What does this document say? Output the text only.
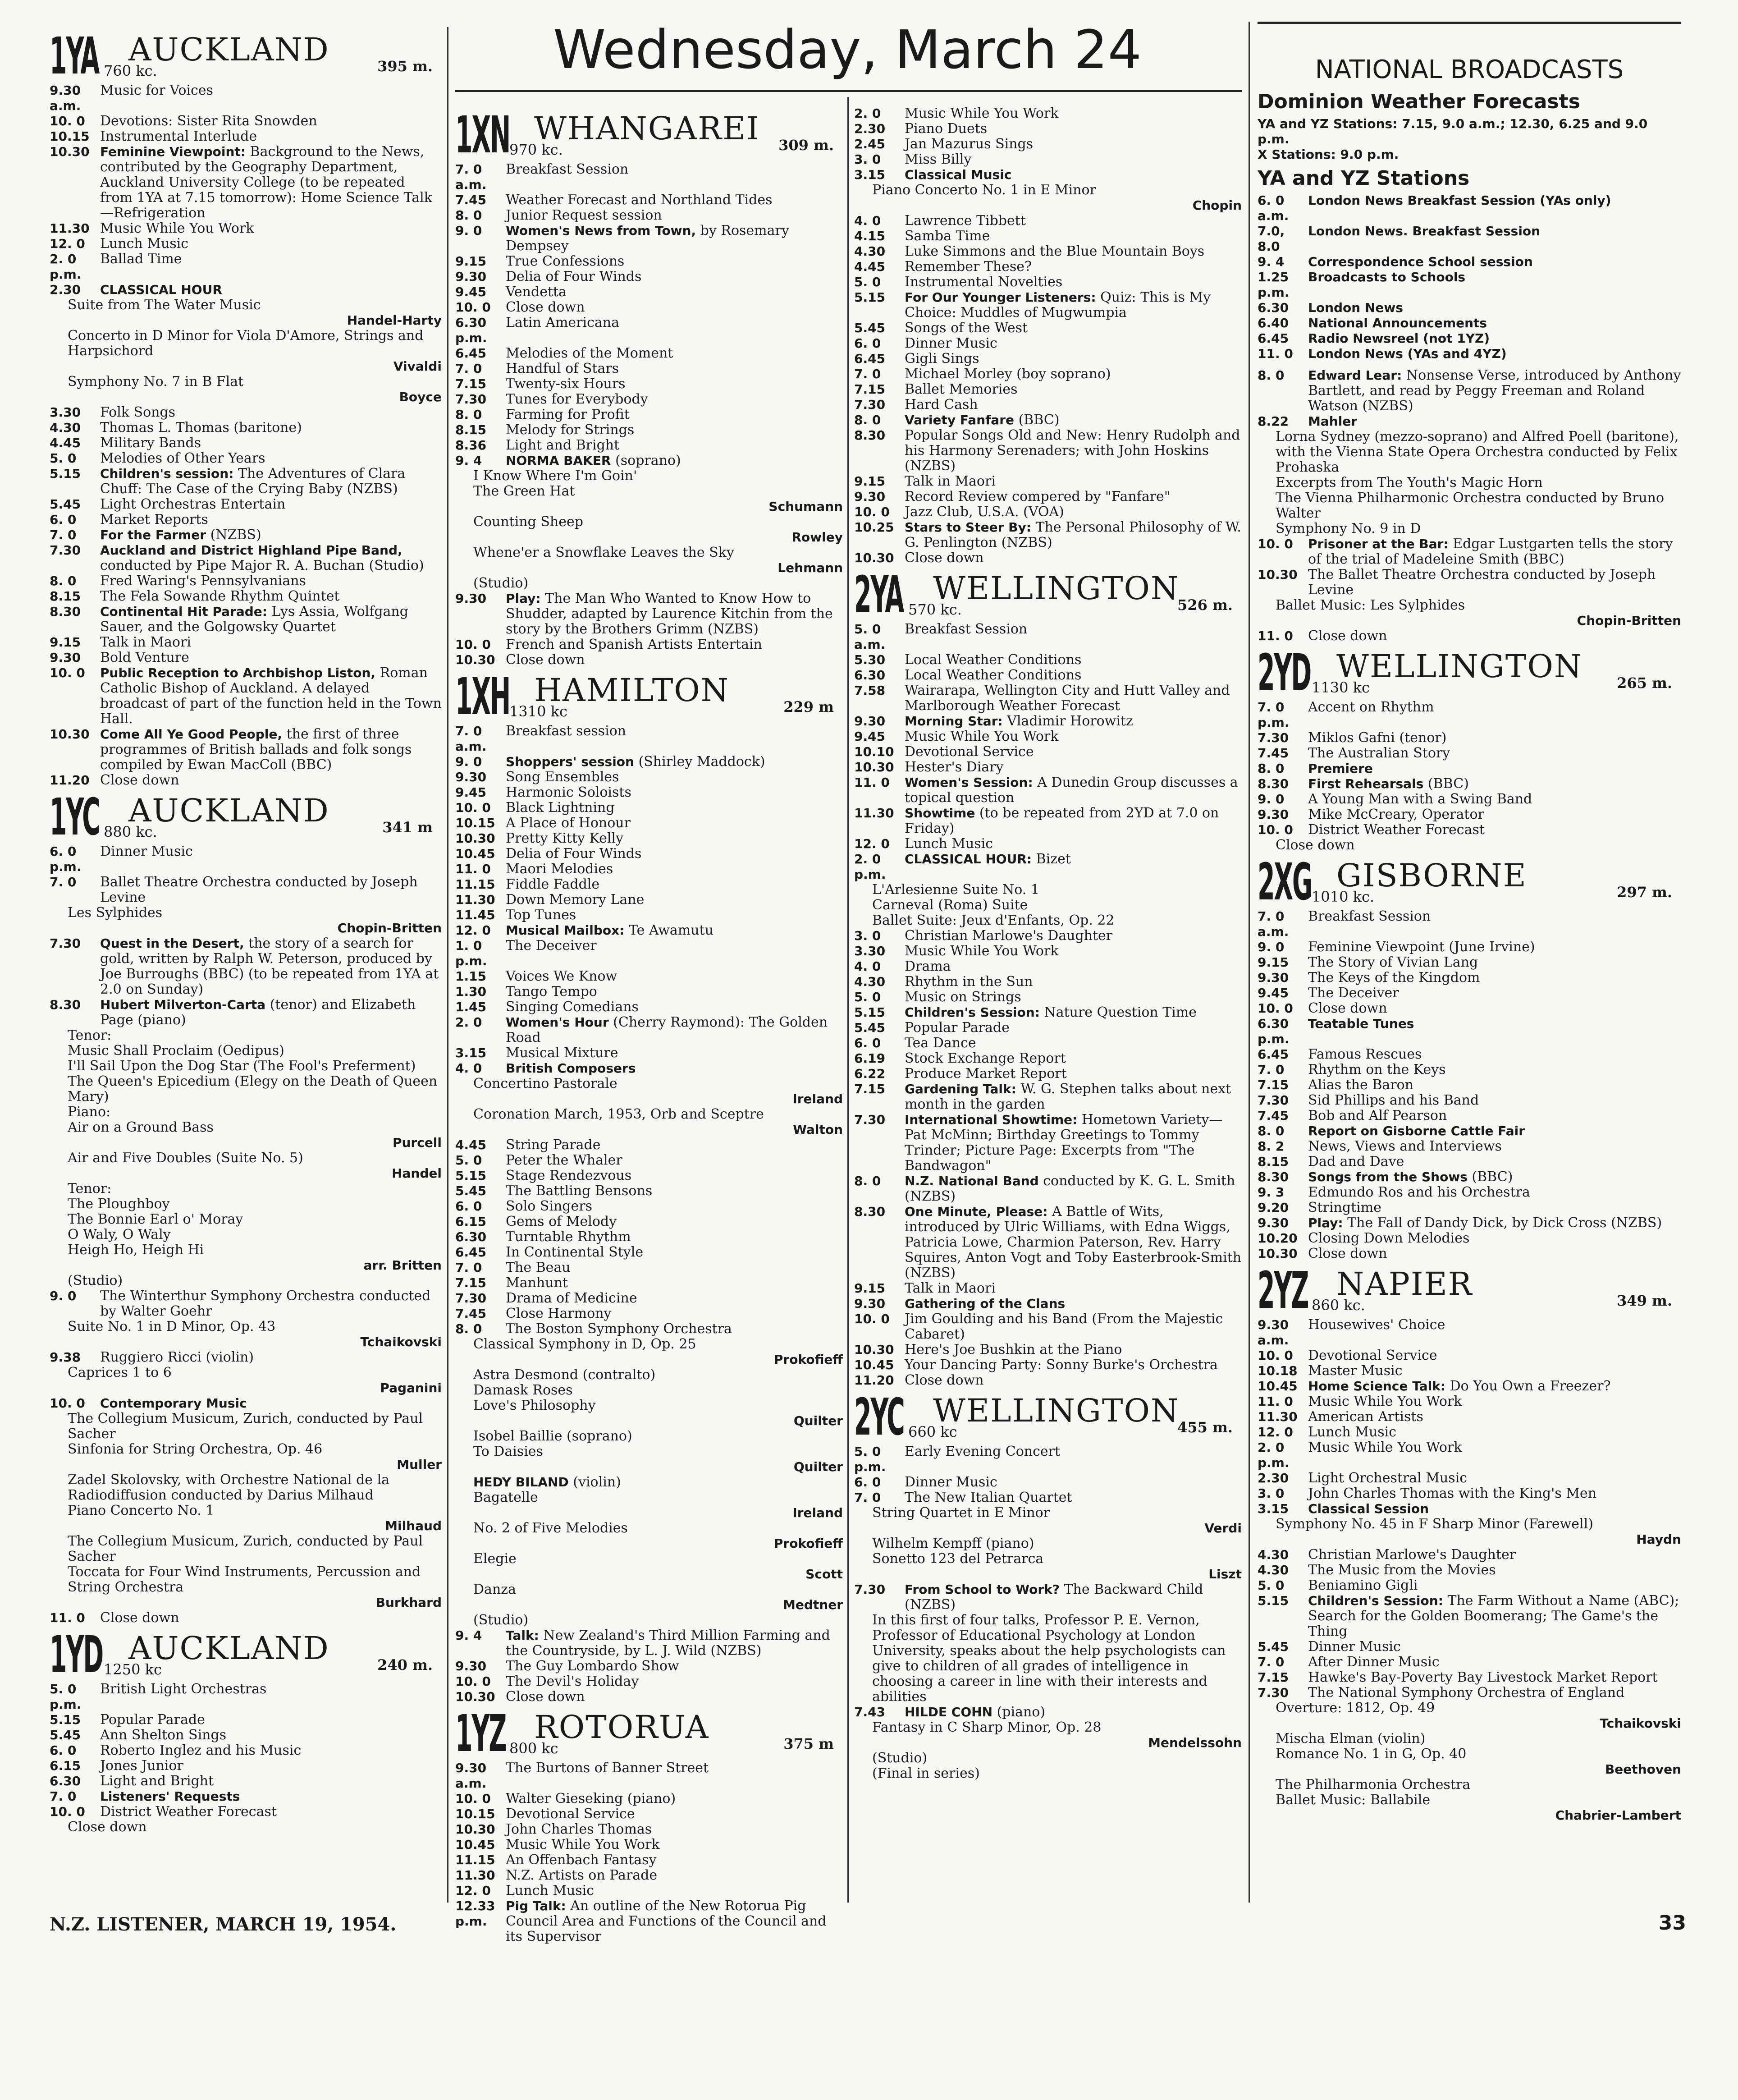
Wednesday, March 24
1YA AUCKLAND
760 kc.	395 m.
9.30 a.m.
Music for Voices
10. 0	Devotions: Sister Rita Snowden
10.15 Instrumental Interlude
10.30 Feminine Viewpoint: Background to the News, contributed by the Geography Department, Auckland University College (to be repeated from 1YA at 7.15 tomorrow): Home Science Talk—Refrigeration
11.30 Music While You Work
12. 0	Lunch Music
2. 0 p.m.
Ballad Time
2.30	CLASSICAL HOUR
Suite from The Water Music
Handel-Harty
Concerto in D Minor for Viola D'Amore, Strings and Harpsichord
Vivaldi
Symphony No. 7 in B Flat
Boyce
3.30	Folk Songs
4.30	Thomas L. Thomas (baritone)
4.45	Military Bands
5. 0	Melodies of Other Years
5.15	Children's session: The Adventures of Clara Chuff: The Case of the Crying Baby (NZBS)
5.45	Light Orchestras Entertain
6. 0	Market Reports
7. 0	For the Farmer (NZBS)
7.30	Auckland and District Highland Pipe Band, conducted by Pipe Major R. A. Buchan (Studio)
8. 0	Fred Waring's Pennsylvanians
8.15	The Fela Sowande Rhythm Quintet
8.30	Continental Hit Parade: Lys Assia, Wolfgang Sauer, and the Golgowsky Quartet
9.15	Talk in Maori
9.30	Bold Venture
10. 0	Public Reception to Archbishop Liston, Roman Catholic Bishop of Auckland. A delayed broadcast of part of the function held in the Town Hall.
10.30 Come All Ye Good People, the first of three programmes of British ballads and folk songs compiled by Ewan MacColl (BBC)
11.20 Close down
1YC AUCKLAND
880 kc.	341 m
6. 0 p.m.
Dinner Music
7. 0	Ballet Theatre Orchestra conducted by Joseph Levine
Les Sylphides
Chopin-Britten
7.30	Quest in the Desert, the story of a search for gold, written by Ralph W. Peterson, produced by Joe Burroughs (BBC) (to be repeated from 1YA at 2.0 on Sunday)
8.30	Hubert Milverton-Carta (tenor) and Elizabeth Page (piano)
Tenor:
Music Shall Proclaim (Oedipus)
I'll Sail Upon the Dog Star (The Fool's Preferment)
The Queen's Epicedium (Elegy on the Death of Queen Mary)
Piano:
Air on a Ground Bass
Purcell
Air and Five Doubles (Suite No. 5)
Handel
Tenor:
The Ploughboy
The Bonnie Earl o' Moray
O Waly, O Waly
Heigh Ho, Heigh Hi
arr. Britten
(Studio)
9. 0	The Winterthur Symphony Orchestra conducted by Walter Goehr
Suite No. 1 in D Minor, Op. 43
Tchaikovski
9.38	Ruggiero Ricci (violin)
Caprices 1 to 6
Paganini
10. 0	Contemporary Music
The Collegium Musicum, Zurich, conducted by Paul Sacher
Sinfonia for String Orchestra, Op. 46
Muller
Zadel Skolovsky, with Orchestre National de la Radiodiffusion conducted by Darius Milhaud
Piano Concerto No. 1
Milhaud
The Collegium Musicum, Zurich, conducted by Paul Sacher
Toccata for Four Wind Instruments, Percussion and String Orchestra
Burkhard
11. 0	Close down
1YD AUCKLAND
1250 kc	240 m.
5. 0 p.m.
British Light Orchestras
5.15	Popular Parade
5.45	Ann Shelton Sings
6. 0	Roberto Inglez and his Music
6.15	Jones Junior
6.30	Light and Bright
7. 0	Listeners' Requests
10. 0	District Weather Forecast
Close down
1XN WHANGAREI
970 kc.	309 m.
7. 0 a.m.
Breakfast Session
7.45	Weather Forecast and Northland Tides
8. 0	Junior Request session
9. 0	Women's News from Town, by Rosemary Dempsey
9.15	True Confessions
9.30	Delia of Four Winds
9.45	Vendetta
10. 0	Close down
6.30 p.m.
Latin Americana
6.45	Melodies of the Moment
7. 0	Handful of Stars
7.15	Twenty-six Hours
7.30	Tunes for Everybody
8. 0	Farming for Profit
8.15	Melody for Strings
8.36	Light and Bright
9. 4	NORMA BAKER (soprano)
I Know Where I'm Goin'
The Green Hat
Schumann
Counting Sheep
Rowley
Whene'er a Snowflake Leaves the Sky
Lehmann
(Studio)
9.30	Play: The Man Who Wanted to Know How to Shudder, adapted by Laurence Kitchin from the story by the Brothers Grimm (NZBS)
10. 0	French and Spanish Artists Entertain
10.30 Close down
1XH HAMILTON
1310 kc	229 m
7. 0 a.m.
Breakfast session
9. 0	Shoppers' session (Shirley Maddock)
9.30	Song Ensembles
9.45	Harmonic Soloists
10. 0	Black Lightning
10.15 A Place of Honour
10.30 Pretty Kitty Kelly
10.45 Delia of Four Winds
11. 0	Maori Melodies
11.15 Fiddle Faddle
11.30 Down Memory Lane
11.45 Top Tunes
12. 0	Musical Mailbox: Te Awamutu
1. 0 p.m.
The Deceiver
1.15	Voices We Know
1.30	Tango Tempo
1.45	Singing Comedians
2. 0	Women's Hour (Cherry Raymond): The Golden Road
3.15	Musical Mixture
4. 0	British Composers
Concertino Pastorale
Ireland
Coronation March, 1953, Orb and Sceptre
Walton
4.45	String Parade
5. 0	Peter the Whaler
5.15	Stage Rendezvous
5.45	The Battling Bensons
6. 0	Solo Singers
6.15	Gems of Melody
6.30	Turntable Rhythm
6.45	In Continental Style
7. 0	The Beau
7.15	Manhunt
7.30	Drama of Medicine
7.45	Close Harmony
8. 0	The Boston Symphony Orchestra
Classical Symphony in D, Op. 25
Prokofieff
Astra Desmond (contralto)
Damask Roses
Love's Philosophy
Quilter
Isobel Baillie (soprano)
To Daisies
Quilter
HEDY BILAND (violin)
Bagatelle
Ireland
No. 2 of Five Melodies
Prokofieff
Elegie
Scott
Danza
Medtner
(Studio)
9. 4	Talk: New Zealand's Third Million Farming and the Countryside, by L. J. Wild (NZBS)
9.30	The Guy Lombardo Show
10. 0	The Devil's Holiday
10.30 Close down
1YZ ROTORUA
800 kc	375 m
9.30 a.m.
The Burtons of Banner Street
10. 0	Walter Gieseking (piano)
10.15 Devotional Service
10.30 John Charles Thomas
10.45 Music While You Work
11.15 An Offenbach Fantasy
11.30 N.Z. Artists on Parade
12. 0	Lunch Music
12.33 p.m.
Pig Talk: An outline of the New Rotorua Pig Council Area and Functions of the Council and its Supervisor
2. 0	Music While You Work
2.30	Piano Duets
2.45	Jan Mazurus Sings
3. 0	Miss Billy
3.15	Classical Music
Piano Concerto No. 1 in E Minor
Chopin
4. 0	Lawrence Tibbett
4.15	Samba Time
4.30	Luke Simmons and the Blue Mountain Boys
4.45	Remember These?
5. 0	Instrumental Novelties
5.15	For Our Younger Listeners: Quiz: This is My Choice: Muddles of Mugwumpia
5.45	Songs of the West
6. 0	Dinner Music
6.45	Gigli Sings
7. 0	Michael Morley (boy soprano)
7.15	Ballet Memories
7.30	Hard Cash
8. 0	Variety Fanfare (BBC)
8.30	Popular Songs Old and New: Henry Rudolph and his Harmony Serenaders; with John Hoskins (NZBS)
9.15	Talk in Maori
9.30	Record Review compered by "Fanfare"
10. 0	Jazz Club, U.S.A. (VOA)
10.25 Stars to Steer By: The Personal Philosophy of W. G. Penlington (NZBS)
10.30 Close down
2YA WELLINGTON
570 kc.	526 m.
5. 0 a.m.
Breakfast Session
5.30	Local Weather Conditions
6.30	Local Weather Conditions
7.58	Wairarapa, Wellington City and Hutt Valley and Marlborough Weather Forecast
9.30	Morning Star: Vladimir Horowitz
9.45	Music While You Work
10.10 Devotional Service
10.30 Hester's Diary
11. 0	Women's Session: A Dunedin Group discusses a topical question
11.30 Showtime (to be repeated from 2YD at 7.0 on Friday)
12. 0	Lunch Music
2. 0 p.m.
CLASSICAL HOUR: Bizet
L'Arlesienne Suite No. 1
Carneval (Roma) Suite
Ballet Suite: Jeux d'Enfants, Op. 22
3. 0	Christian Marlowe's Daughter
3.30	Music While You Work
4. 0	Drama
4.30	Rhythm in the Sun
5. 0	Music on Strings
5.15	Children's Session: Nature Question Time
5.45	Popular Parade
6. 0	Tea Dance
6.19	Stock Exchange Report
6.22	Produce Market Report
7.15	Gardening Talk: W. G. Stephen talks about next month in the garden
7.30	International Showtime: Hometown Variety—Pat McMinn; Birthday Greetings to Tommy Trinder; Picture Page: Excerpts from "The Bandwagon"
8. 0	N.Z. National Band conducted by K. G. L. Smith (NZBS)
8.30	One Minute, Please: A Battle of Wits, introduced by Ulric Williams, with Edna Wiggs, Patricia Lowe, Charmion Paterson, Rev. Harry Squires, Anton Vogt and Toby Easterbrook-Smith (NZBS)
9.15	Talk in Maori
9.30	Gathering of the Clans
10. 0	Jim Goulding and his Band (From the Majestic Cabaret)
10.30 Here's Joe Bushkin at the Piano
10.45 Your Dancing Party: Sonny Burke's Orchestra
11.20 Close down
2YC WELLINGTON
660 kc	455 m.
5. 0 p.m.
Early Evening Concert
6. 0	Dinner Music
7. 0	The New Italian Quartet
String Quartet in E Minor
Verdi
Wilhelm Kempff (piano)
Sonetto 123 del Petrarca
Liszt
7.30	From School to Work? The Backward Child (NZBS)
In this first of four talks, Professor P. E. Vernon, Professor of Educational Psychology at London University, speaks about the help psychologists can give to children of all grades of intelligence in choosing a career in line with their interests and abilities
7.43	HILDE COHN (piano)
Fantasy in C Sharp Minor, Op. 28
Mendelssohn
(Studio)
(Final in series)
NATIONAL BROADCASTS
Dominion Weather Forecasts
YA and YZ Stations: 7.15, 9.0 a.m.; 12.30, 6.25 and 9.0 p.m.
X Stations: 9.0 p.m.
YA and YZ Stations
6. 0 a.m.
London News Breakfast Session (YAs only)
7.0, 8.0
London News. Breakfast Session
9. 4	Correspondence School session
1.25 p.m.
Broadcasts to Schools
6.30	London News
6.40	National Announcements
6.45	Radio Newsreel (not 1YZ)
11. 0	London News (YAs and 4YZ)
8. 0	Edward Lear: Nonsense Verse, introduced by Anthony Bartlett, and read by Peggy Freeman and Roland Watson (NZBS)
8.22	Mahler
Lorna Sydney (mezzo-soprano) and Alfred Poell (baritone), with the Vienna State Opera Orchestra conducted by Felix Prohaska
Excerpts from The Youth's Magic Horn
The Vienna Philharmonic Orchestra conducted by Bruno Walter
Symphony No. 9 in D
10. 0	Prisoner at the Bar: Edgar Lustgarten tells the story of the trial of Madeleine Smith (BBC)
10.30 The Ballet Theatre Orchestra conducted by Joseph Levine
Ballet Music: Les Sylphides
Chopin-Britten
11. 0	Close down
2YD WELLINGTON
1130 kc	265 m.
7. 0 p.m.
Accent on Rhythm
7.30	Miklos Gafni (tenor)
7.45	The Australian Story
8. 0	Premiere
8.30	First Rehearsals (BBC)
9. 0	A Young Man with a Swing Band
9.30	Mike McCreary, Operator
10. 0	District Weather Forecast
Close down
2XG GISBORNE
1010 kc.	297 m.
7. 0 a.m.
Breakfast Session
9. 0	Feminine Viewpoint (June Irvine)
9.15	The Story of Vivian Lang
9.30	The Keys of the Kingdom
9.45	The Deceiver
10. 0	Close down
6.30 p.m.
Teatable Tunes
6.45	Famous Rescues
7. 0	Rhythm on the Keys
7.15	Alias the Baron
7.30	Sid Phillips and his Band
7.45	Bob and Alf Pearson
8. 0	Report on Gisborne Cattle Fair
8. 2	News, Views and Interviews
8.15	Dad and Dave
8.30	Songs from the Shows (BBC)
9. 3	Edmundo Ros and his Orchestra
9.20	Stringtime
9.30	Play: The Fall of Dandy Dick, by Dick Cross (NZBS)
10.20 Closing Down Melodies
10.30 Close down
2YZ NAPIER
860 kc.	349 m.
9.30 a.m.
Housewives' Choice
10. 0	Devotional Service
10.18 Master Music
10.45 Home Science Talk: Do You Own a Freezer?
11. 0	Music While You Work
11.30 American Artists
12. 0	Lunch Music
2. 0 p.m.
Music While You Work
2.30	Light Orchestral Music
3. 0	John Charles Thomas with the King's Men
3.15	Classical Session
Symphony No. 45 in F Sharp Minor (Farewell)
Haydn
4.30	Christian Marlowe's Daughter
4.30	The Music from the Movies
5. 0	Beniamino Gigli
5.15	Children's Session: The Farm Without a Name (ABC); Search for the Golden Boomerang; The Game's the Thing
5.45	Dinner Music
7. 0	After Dinner Music
7.15	Hawke's Bay-Poverty Bay Livestock Market Report
7.30	The National Symphony Orchestra of England
Overture: 1812, Op. 49
Tchaikovski
Mischa Elman (violin)
Romance No. 1 in G, Op. 40
Beethoven
The Philharmonia Orchestra
Ballet Music: Ballabile
Chabrier-Lambert
N.Z. LISTENER, MARCH 19, 1954.	33
